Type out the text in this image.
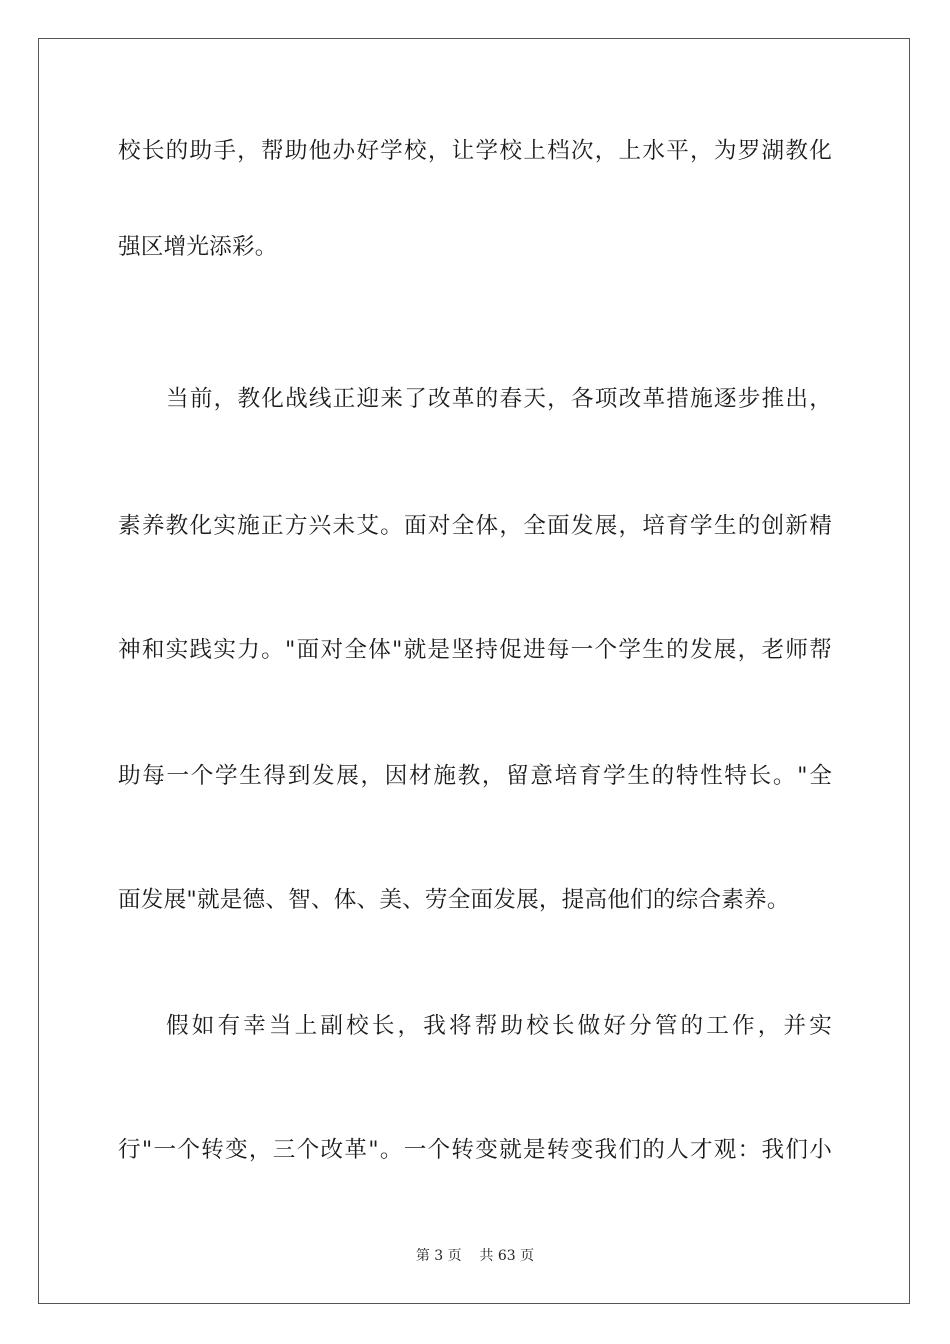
校长的助手，帮助他办好学校，让学校上档次，上水平，为罗湖教化
强区增光添彩。
当前，教化战线正迎来了改革的春天，各项改革措施逐步推出，
素养教化实施正方兴未艾。面对全体，全面发展，培育学生的创新精
神和实践实力。"面对全体"就是坚持促进每一个学生的发展，老师帮
助每一个学生得到发展，因材施教，留意培育学生的特性特长。"全
面发展"就是德、智、体、美、劳全面发展，提高他们的综合素养。
假如有幸当上副校长，我将帮助校长做好分管的工作，并实
行"一个转变，三个改革"。一个转变就是转变我们的人才观：我们小
第 3 页 共 63 页
